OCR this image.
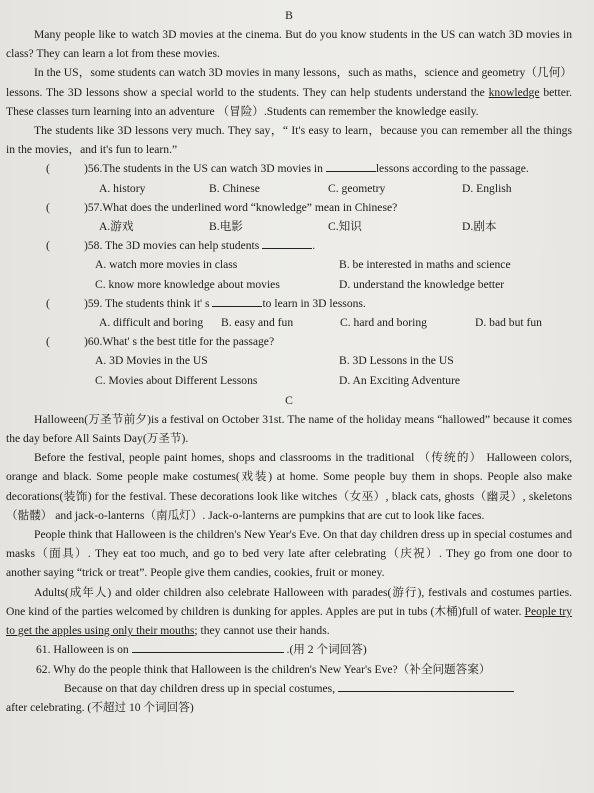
B

Many people like to watch 3D movies at the cinema. But do you know students in the US can watch 3D movies in class? They can learn a lot from these movies.

In the US，some students can watch 3D movies in many lessons，such as maths，science and geometry（几何） lessons. The 3D lessons show a special world to the students. They can help students understand the knowledge better. These classes turn learning into an adventure （冒险）.Students can remember the knowledge easily.

The students like 3D lessons very much. They say，“ It's easy to learn，because you can remember all the things in the movies，and it's fun to learn.”

(	)56.The students in the US can watch 3D movies in	lessons according to the passage.

A. history	B. Chinese	C. geometry	D. English

(	)57.What does the underlined word “knowledge” mean in Chinese?

A.游戏	B.电影	C.知识	D.剧本

(	)58. The 3D movies can help students	.

A. watch more movies in class	B. be interested in maths and science

C. know more knowledge about movies	D. understand the knowledge better

(	)59. The students think it' s	to learn in 3D lessons.

A. difficult and boring	B. easy and fun	C. hard and boring	D. bad but fun

(	)60.What' s the best title for the passage?

A. 3D Movies in the US	B. 3D Lessons in the US

C. Movies about Different Lessons	D. An Exciting Adventure

C

Halloween(万圣节前夕)is a festival on October 31st. The name of the holiday means “hallowed” because it comes the day before All Saints Day(万圣节).

Before the festival, people paint homes, shops and classrooms in the traditional （传统的） Halloween colors, orange and black. Some people make costumes(戏装) at home. Some people buy them in shops. People also make decorations(装饰) for the festival. These decorations look like witches（女巫）, black cats, ghosts（幽灵）, skeletons （骷髅） and jack-o-lanterns（南瓜灯）. Jack-o-lanterns are pumpkins that are cut to look like faces.

People think that Halloween is the children's New Year's Eve. On that day children dress up in special costumes and masks（面具）. They eat too much, and go to bed very late after celebrating（庆祝）. They go from one door to another saying “trick or treat”. People give them candies, cookies, fruit or money.

Adults(成年人) and older children also celebrate Halloween with parades(游行), festivals and costumes parties. One kind of the parties welcomed by children is dunking for apples. Apples are put in tubs (木桶)full of water. People try to get the apples using only their mouths; they cannot use their hands.

61. Halloween is on	.(用 2 个词回答)

62. Why do the people think that Halloween is the children's New Year's Eve?（补全问题答案）

Because on that day children dress up in special costumes,

after celebrating. (不超过 10 个词回答)
